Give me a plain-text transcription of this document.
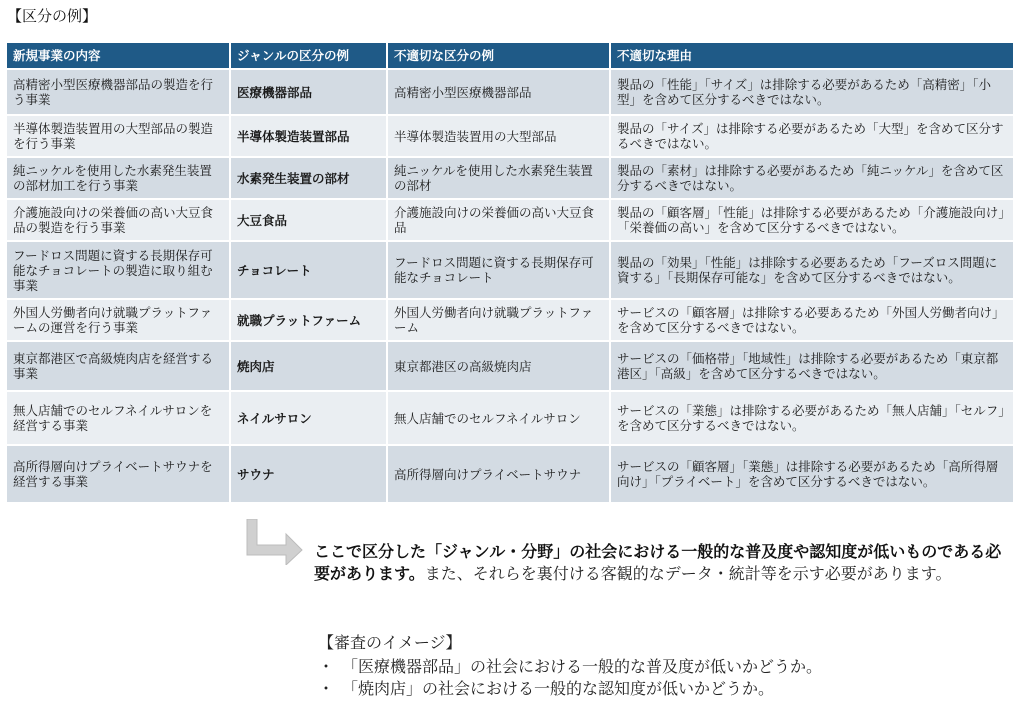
【区分の例】
新規事業の内容	ジャンルの区分の例	不適切な区分の例	不適切な理由
高精密小型医療機器部品の製造を行う事業	医療機器部品	高精密小型医療機器部品	製品の「性能」「サイズ」は排除する必要があるため「高精密」「小型」を含めて区分するべきではない。
半導体製造装置用の大型部品の製造を行う事業	半導体製造装置部品	半導体製造装置用の大型部品	製品の「サイズ」は排除する必要があるため「大型」を含めて区分するべきではない。
純ニッケルを使用した水素発生装置の部材加工を行う事業	水素発生装置の部材	純ニッケルを使用した水素発生装置の部材	製品の「素材」は排除する必要があるため「純ニッケル」を含めて区分するべきではない。
介護施設向けの栄養価の高い大豆食品の製造を行う事業	大豆食品	介護施設向けの栄養価の高い大豆食品	製品の「顧客層」「性能」は排除する必要があるため「介護施設向け」「栄養価の高い」を含めて区分するべきではない。
フードロス問題に資する長期保存可能なチョコレートの製造に取り組む事業	チョコレート	フードロス問題に資する長期保存可能なチョコレート	製品の「効果」「性能」は排除する必要あるため「フーズロス問題に資する」「長期保存可能な」を含めて区分するべきではない。
外国人労働者向け就職プラットファームの運営を行う事業	就職プラットファーム	外国人労働者向け就職プラットファーム	サービスの「顧客層」は排除する必要あるため「外国人労働者向け」を含めて区分するべきではない。
東京都港区で高級焼肉店を経営する事業	焼肉店	東京都港区の高級焼肉店	サービスの「価格帯」「地域性」は排除する必要があるため「東京都港区」「高級」を含めて区分するべきではない。
無人店舗でのセルフネイルサロンを経営する事業	ネイルサロン	無人店舗でのセルフネイルサロン	サービスの「業態」は排除する必要があるため「無人店舗」「セルフ」を含めて区分するべきではない。
高所得層向けプライベートサウナを経営する事業	サウナ	高所得層向けプライベートサウナ	サービスの「顧客層」「業態」は排除する必要があるため「高所得層向け」「プライベート」を含めて区分するべきではない。
ここで区分した「ジャンル・分野」の社会における一般的な普及度や認知度が低いものである必要があります。また、それらを裏付ける客観的なデータ・統計等を示す必要があります。
【審査のイメージ】
・ 「医療機器部品」の社会における一般的な普及度が低いかどうか。
・ 「焼肉店」の社会における一般的な認知度が低いかどうか。
